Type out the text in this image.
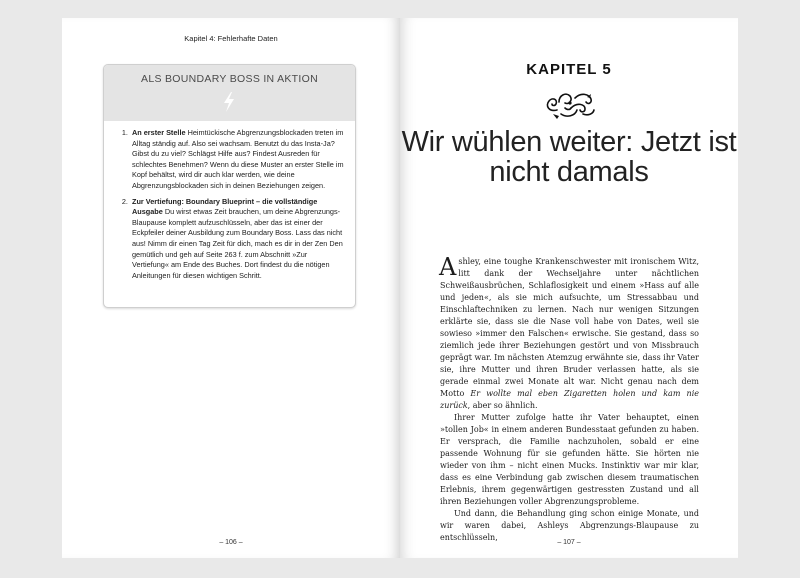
Kapitel 4: Fehlerhafte Daten
ALS BOUNDARY BOSS IN AKTION
1. An erster Stelle Heimtückische Abgrenzungsblockaden treten im Alltag ständig auf. Also sei wachsam. Benutzt du das Insta-Ja? Gibst du zu viel? Schlägst Hilfe aus? Findest Ausreden für schlechtes Benehmen? Wenn du diese Muster an erster Stelle im Kopf behältst, wird dir auch klar werden, wie deine Abgrenzungsblockaden sich in deinen Beziehungen zeigen.
2. Zur Vertiefung: Boundary Blueprint – die vollständige Ausgabe Du wirst etwas Zeit brauchen, um deine Abgrenzungs-Blaupause komplett aufzuschlüsseln, aber das ist einer der Eckpfeiler deiner Ausbildung zum Boundary Boss. Lass das nicht aus! Nimm dir einen Tag Zeit für dich, mach es dir in der Zen Den gemütlich und geh auf Seite 263 f. zum Abschnitt »Zur Vertiefung« am Ende des Buches. Dort findest du die nötigen Anleitungen für diesen wichtigen Schritt.
– 106 –
KAPITEL 5
Wir wühlen weiter: Jetzt ist nicht damals

Ashley, eine toughe Krankenschwester mit ironischem Witz, litt dank der Wechseljahre unter nächtlichen Schweißausbrüchen, Schlaflosigkeit und einem »Hass auf alle und jeden«, als sie mich aufsuchte, um Stressabbau und Einschlaftechniken zu lernen. Nach nur wenigen Sitzungen erklärte sie, dass sie die Nase voll habe von Dates, weil sie sowieso »immer den Falschen« erwische. Sie gestand, dass so ziemlich jede ihrer Beziehungen gestört und von Missbrauch geprägt war. Im nächsten Atemzug erwähnte sie, dass ihr Vater sie, ihre Mutter und ihren Bruder verlassen hatte, als sie gerade einmal zwei Monate alt war. Nicht genau nach dem Motto Er wollte mal eben Zigaretten holen und kam nie zurück, aber so ähnlich.

Ihrer Mutter zufolge hatte ihr Vater behauptet, einen »tollen Job« in einem anderen Bundesstaat gefunden zu haben. Er versprach, die Familie nachzuholen, sobald er eine passende Wohnung für sie gefunden hätte. Sie hörten nie wieder von ihm – nicht einen Mucks. Instinktiv war mir klar, dass es eine Verbindung gab zwischen diesem traumatischen Erlebnis, ihrem gegenwärtigen gestressten Zustand und all ihren Beziehungen voller Abgrenzungsprobleme.

Und dann, die Behandlung ging schon einige Monate, und wir waren dabei, Ashleys Abgrenzungs-Blaupause zu entschlüsseln,

– 107 –
